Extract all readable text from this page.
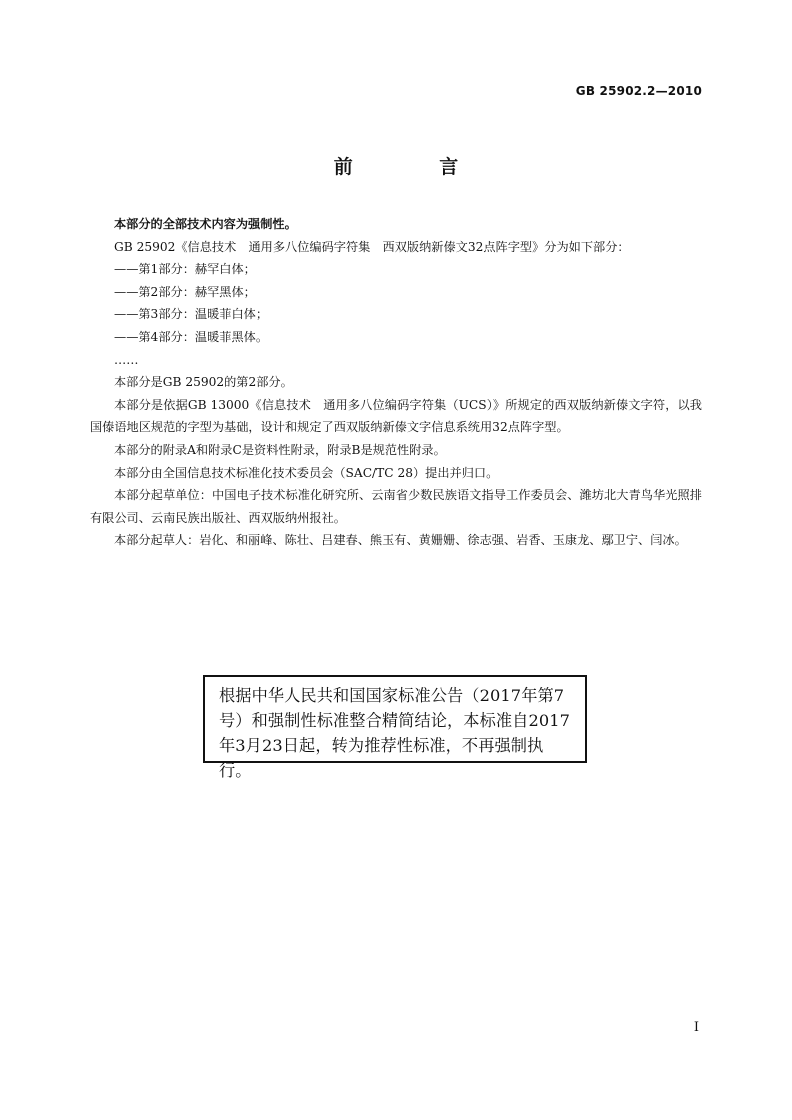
GB 25902.2—2010
前 言

本部分的全部技术内容为强制性。

GB 25902《信息技术　通用多八位编码字符集　西双版纳新傣文32点阵字型》分为如下部分：

——第1部分：赫罕白体；

——第2部分：赫罕黑体；

——第3部分：温暖菲白体；

——第4部分：温暖菲黑体。

……

本部分是GB 25902的第2部分。

本部分是依据GB 13000《信息技术　通用多八位编码字符集（UCS）》所规定的西双版纳新傣文字符，以我国傣语地区规范的字型为基础，设计和规定了西双版纳新傣文字信息系统用32点阵字型。

本部分的附录A和附录C是资料性附录，附录B是规范性附录。

本部分由全国信息技术标准化技术委员会（SAC/TC 28）提出并归口。

本部分起草单位：中国电子技术标准化研究所、云南省少数民族语文指导工作委员会、潍坊北大青鸟华光照排有限公司、云南民族出版社、西双版纳州报社。

本部分起草人：岩化、和丽峰、陈壮、吕建春、熊玉有、黄姗姗、徐志强、岩香、玉康龙、鄢卫宁、闫冰。

根据中华人民共和国国家标准公告（2017年第7号）和强制性标准整合精简结论，本标准自2017年3月23日起，转为推荐性标准，不再强制执行。
I
